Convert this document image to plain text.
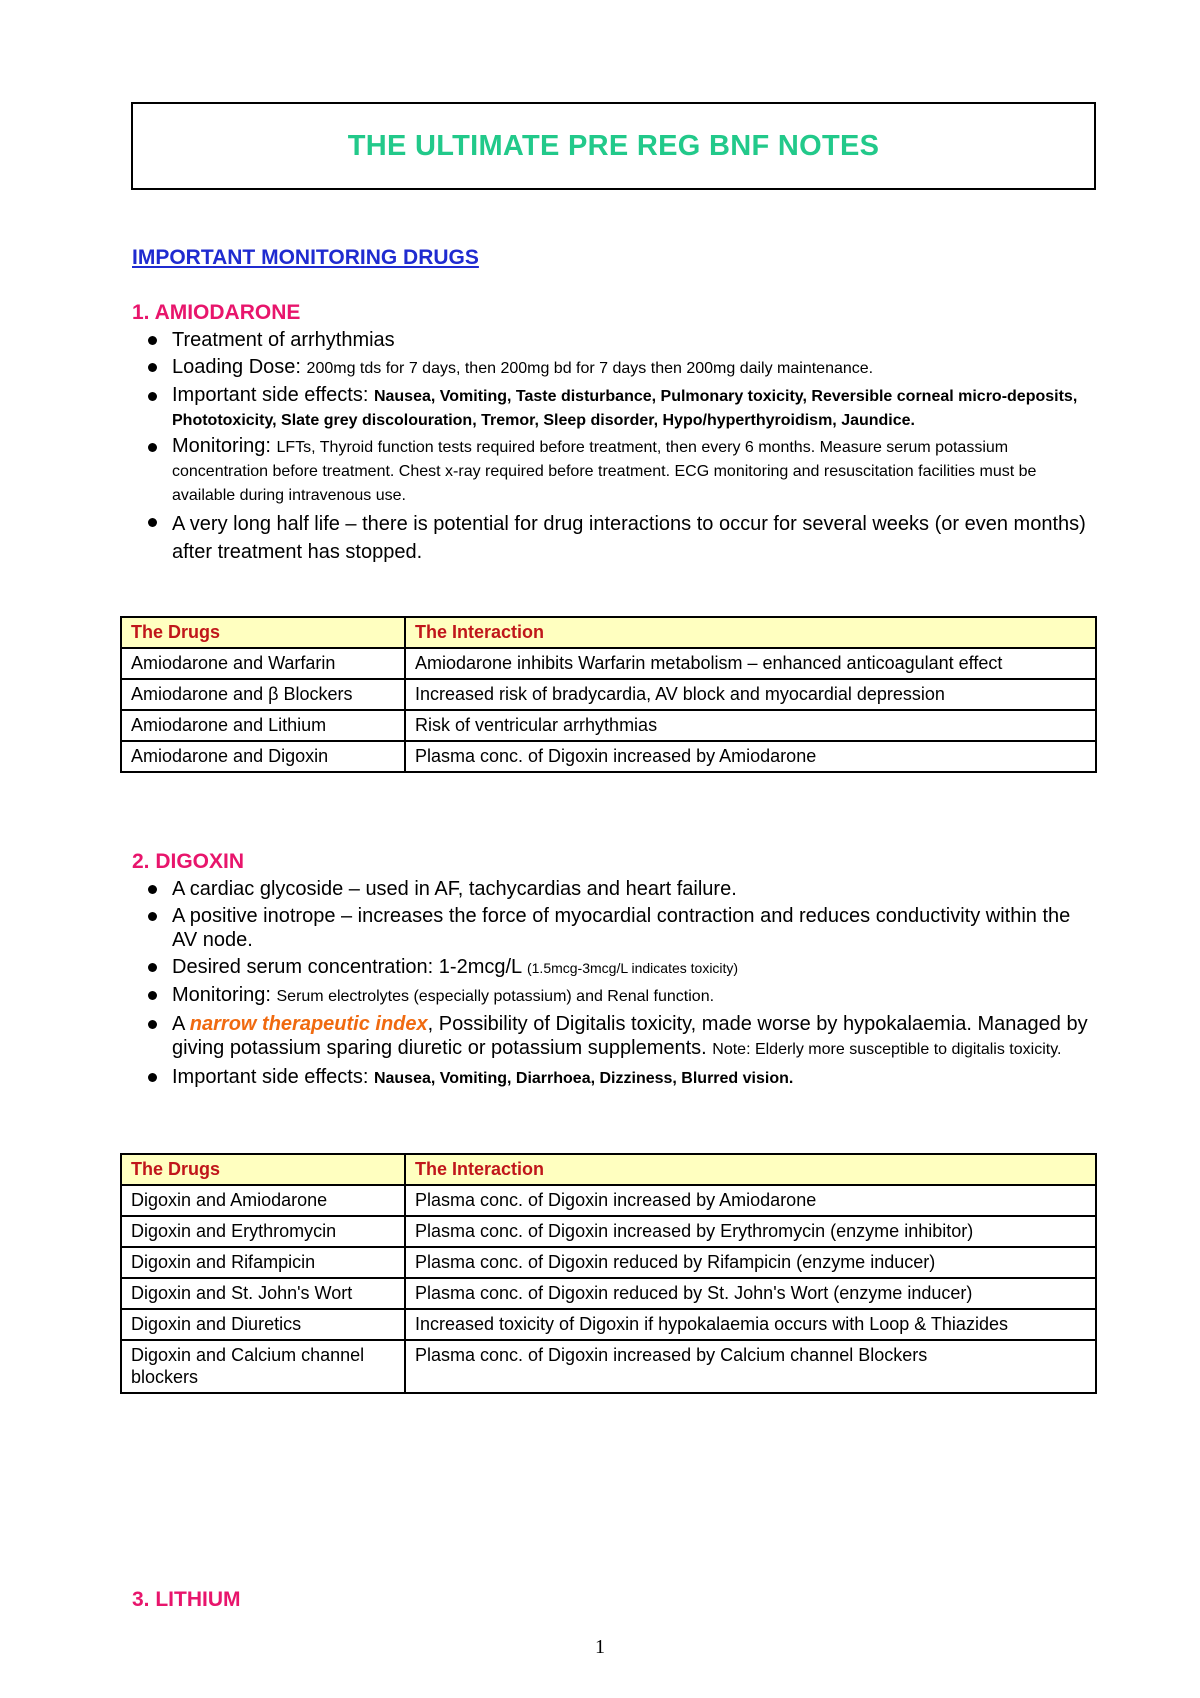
THE ULTIMATE PRE REG BNF NOTES
IMPORTANT MONITORING DRUGS
1. AMIODARONE
Treatment of arrhythmias
Loading Dose: 200mg tds for 7 days, then 200mg bd for 7 days then 200mg daily maintenance.
Important side effects: Nausea, Vomiting, Taste disturbance, Pulmonary toxicity, Reversible corneal micro-deposits, Phototoxicity, Slate grey discolouration, Tremor, Sleep disorder, Hypo/hyperthyroidism, Jaundice.
Monitoring: LFTs, Thyroid function tests required before treatment, then every 6 months. Measure serum potassium concentration before treatment. Chest x-ray required before treatment. ECG monitoring and resuscitation facilities must be available during intravenous use.
A very long half life – there is potential for drug interactions to occur for several weeks (or even months) after treatment has stopped.
The Drugs	The Interaction
Amiodarone and Warfarin	Amiodarone inhibits Warfarin metabolism – enhanced anticoagulant effect
Amiodarone and β Blockers	Increased risk of bradycardia, AV block and myocardial depression
Amiodarone and Lithium	Risk of ventricular arrhythmias
Amiodarone and Digoxin	Plasma conc. of Digoxin increased by Amiodarone
2. DIGOXIN
A cardiac glycoside – used in AF, tachycardias and heart failure.
A positive inotrope – increases the force of myocardial contraction and reduces conductivity within the AV node.
Desired serum concentration: 1-2mcg/L (1.5mcg-3mcg/L indicates toxicity)
Monitoring: Serum electrolytes (especially potassium) and Renal function.
A narrow therapeutic index, Possibility of Digitalis toxicity, made worse by hypokalaemia. Managed by giving potassium sparing diuretic or potassium supplements. Note: Elderly more susceptible to digitalis toxicity.
Important side effects: Nausea, Vomiting, Diarrhoea, Dizziness, Blurred vision.
The Drugs	The Interaction
Digoxin and Amiodarone	Plasma conc. of Digoxin increased by Amiodarone
Digoxin and Erythromycin	Plasma conc. of Digoxin increased by Erythromycin (enzyme inhibitor)
Digoxin and Rifampicin	Plasma conc. of Digoxin reduced by Rifampicin (enzyme inducer)
Digoxin and St. John's Wort	Plasma conc. of Digoxin reduced by St. John's Wort (enzyme inducer)
Digoxin and Diuretics	Increased toxicity of Digoxin if hypokalaemia occurs with Loop & Thiazides
Digoxin and Calcium channel blockers	Plasma conc. of Digoxin increased by Calcium channel Blockers
3. LITHIUM
1
